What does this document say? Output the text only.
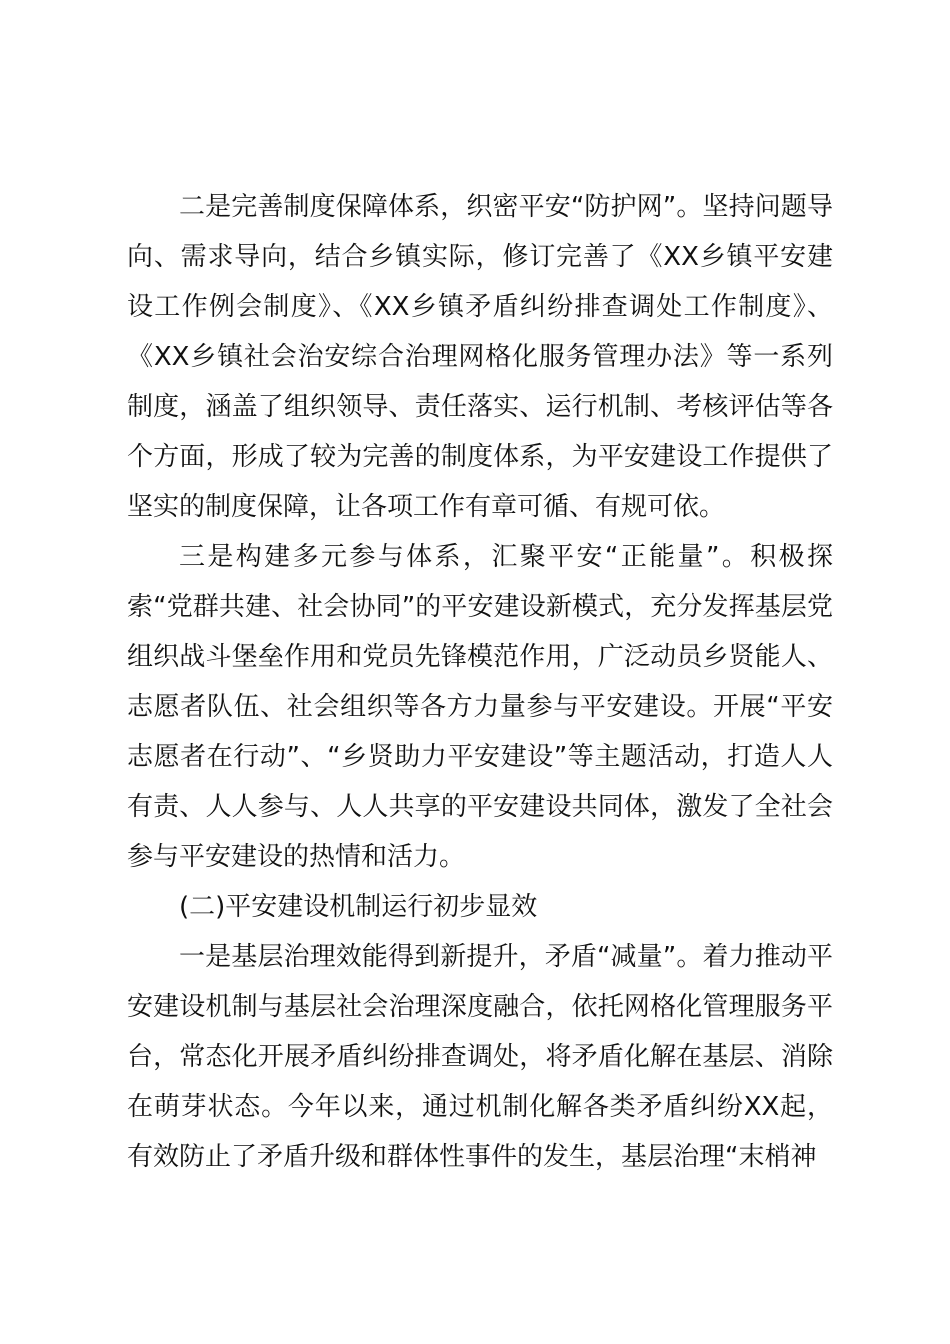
二是完善制度保障体系，织密平安“防护网”。坚持问题导向、需求导向，结合乡镇实际，修订完善了《XX乡镇平安建设工作例会制度》、《XX乡镇矛盾纠纷排查调处工作制度》、《XX乡镇社会治安综合治理网格化服务管理办法》等一系列制度，涵盖了组织领导、责任落实、运行机制、考核评估等各个方面，形成了较为完善的制度体系，为平安建设工作提供了坚实的制度保障，让各项工作有章可循、有规可依。

三是构建多元参与体系，汇聚平安“正能量”。积极探索“党群共建、社会协同”的平安建设新模式，充分发挥基层党组织战斗堡垒作用和党员先锋模范作用，广泛动员乡贤能人、志愿者队伍、社会组织等各方力量参与平安建设。开展“平安志愿者在行动”、“乡贤助力平安建设”等主题活动，打造人人有责、人人参与、人人共享的平安建设共同体，激发了全社会参与平安建设的热情和活力。

(二)平安建设机制运行初步显效

一是基层治理效能得到新提升，矛盾“减量”。着力推动平安建设机制与基层社会治理深度融合，依托网格化管理服务平台，常态化开展矛盾纠纷排查调处，将矛盾化解在基层、消除在萌芽状态。今年以来，通过机制化解各类矛盾纠纷XX起，有效防止了矛盾升级和群体性事件的发生，基层治理“末梢神
